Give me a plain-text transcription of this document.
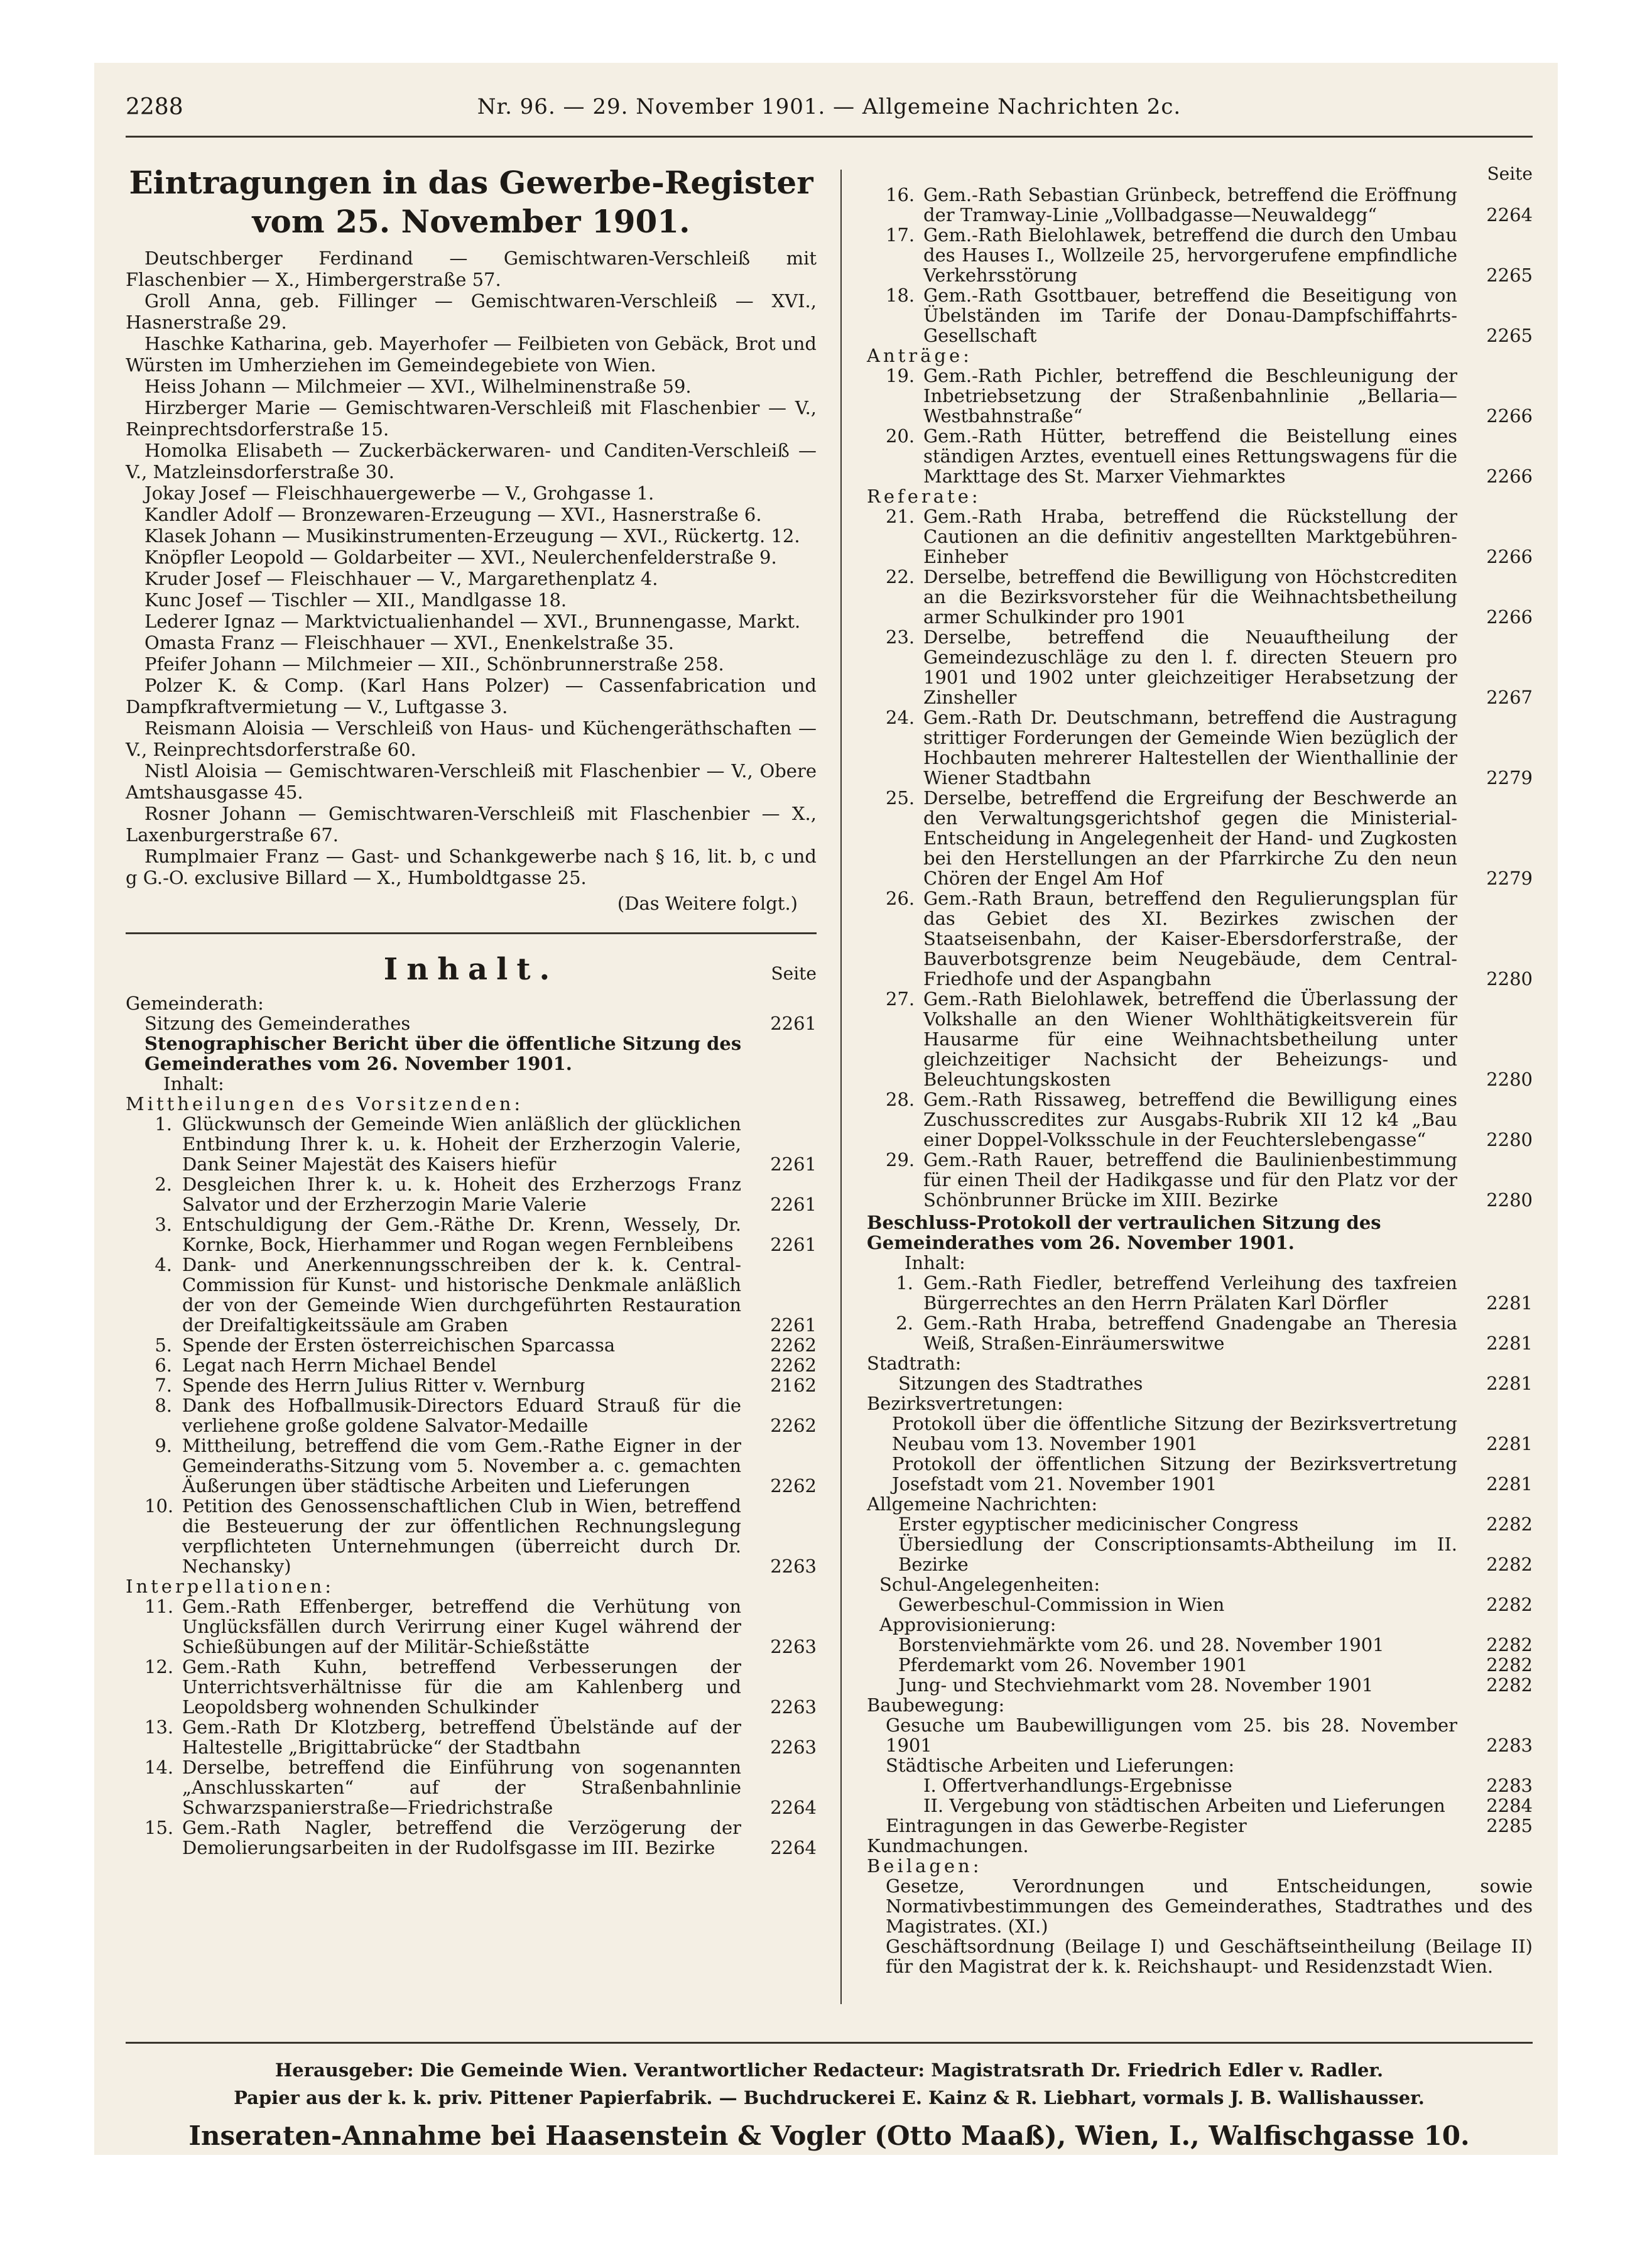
2288	Nr. 96. — 29. November 1901. — Allgemeine Nachrichten 2c.
Eintragungen in das Gewerbe-Register
vom 25. November 1901.

Deutschberger Ferdinand — Gemischtwaren-Verschleiß mit Flaschenbier — X., Himbergerstraße 57.

Groll Anna, geb. Fillinger — Gemischtwaren-Verschleiß — XVI., Hasnerstraße 29.

Haschke Katharina, geb. Mayerhofer — Feilbieten von Gebäck, Brot und Würsten im Umherziehen im Gemeindegebiete von Wien.

Heiss Johann — Milchmeier — XVI., Wilhelminenstraße 59.

Hirzberger Marie — Gemischtwaren-Verschleiß mit Flaschenbier — V., Reinprechtsdorferstraße 15.

Homolka Elisabeth — Zuckerbäckerwaren- und Canditen-Verschleiß — V., Matzleinsdorferstraße 30.

Jokay Josef — Fleischhauergewerbe — V., Grohgasse 1.

Kandler Adolf — Bronzewaren-Erzeugung — XVI., Hasnerstraße 6.

Klasek Johann — Musikinstrumenten-Erzeugung — XVI., Rückertg. 12.

Knöpfler Leopold — Goldarbeiter — XVI., Neulerchenfelderstraße 9.

Kruder Josef — Fleischhauer — V., Margarethenplatz 4.

Kunc Josef — Tischler — XII., Mandlgasse 18.

Lederer Ignaz — Marktvictualienhandel — XVI., Brunnengasse, Markt.

Omasta Franz — Fleischhauer — XVI., Enenkelstraße 35.

Pfeifer Johann — Milchmeier — XII., Schönbrunnerstraße 258.

Polzer K. & Comp. (Karl Hans Polzer) — Cassenfabrication und Dampfkraftvermietung — V., Luftgasse 3.

Reismann Aloisia — Verschleiß von Haus- und Küchengeräthschaften — V., Reinprechtsdorferstraße 60.

Nistl Aloisia — Gemischtwaren-Verschleiß mit Flaschenbier — V., Obere Amtshausgasse 45.

Rosner Johann — Gemischtwaren-Verschleiß mit Flaschenbier — X., Laxenburgerstraße 67.

Rumplmaier Franz — Gast- und Schankgewerbe nach § 16, lit. b, c und g G.-O. exclusive Billard — X., Humboldtgasse 25.

(Das Weitere folgt.)

Inhalt.	Seite

Gemeinderath:

Sitzung des Gemeinderathes	2261

Stenographischer Bericht über die öffentliche Sitzung des Gemeinderathes vom 26. November 1901.

Inhalt:

Mittheilungen des Vorsitzenden:

1. Glückwunsch der Gemeinde Wien anläßlich der glücklichen Entbindung Ihrer k. u. k. Hoheit der Erzherzogin Valerie, Dank Seiner Majestät des Kaisers hiefür	2261
2. Desgleichen Ihrer k. u. k. Hoheit des Erzherzogs Franz Salvator und der Erzherzogin Marie Valerie	2261
3. Entschuldigung der Gem.-Räthe Dr. Krenn, Wessely, Dr. Kornke, Bock, Hierhammer und Rogan wegen Fernbleibens	2261
4. Dank- und Anerkennungsschreiben der k. k. Central-Commission für Kunst- und historische Denkmale anläßlich der von der Gemeinde Wien durchgeführten Restauration der Dreifaltigkeitssäule am Graben	2261
5. Spende der Ersten österreichischen Sparcassa	2262
6. Legat nach Herrn Michael Bendel	2262
7. Spende des Herrn Julius Ritter v. Wernburg	2162
8. Dank des Hofballmusik-Directors Eduard Strauß für die verliehene große goldene Salvator-Medaille	2262
9. Mittheilung, betreffend die vom Gem.-Rathe Eigner in der Gemeinderaths-Sitzung vom 5. November a. c. gemachten Äußerungen über städtische Arbeiten und Lieferungen	2262
10. Petition des Genossenschaftlichen Club in Wien, betreffend die Besteuerung der zur öffentlichen Rechnungslegung verpflichteten Unternehmungen (überreicht durch Dr. Nechansky)	2263

Interpellationen:

11. Gem.-Rath Effenberger, betreffend die Verhütung von Unglücksfällen durch Verirrung einer Kugel während der Schießübungen auf der Militär-Schießstätte	2263
12. Gem.-Rath Kuhn, betreffend Verbesserungen der Unterrichtsverhältnisse für die am Kahlenberg und Leopoldsberg wohnenden Schulkinder	2263
13. Gem.-Rath Dr Klotzberg, betreffend Übelstände auf der Haltestelle „Brigittabrücke“ der Stadtbahn	2263
14. Derselbe, betreffend die Einführung von sogenannten „Anschlusskarten“ auf der Straßenbahnlinie Schwarzspanierstraße—Friedrichstraße	2264
15. Gem.-Rath Nagler, betreffend die Verzögerung der Demolierungsarbeiten in der Rudolfsgasse im III. Bezirke	2264

Seite

16. Gem.-Rath Sebastian Grünbeck, betreffend die Eröffnung der Tramway-Linie „Vollbadgasse—Neuwaldegg“	2264
17. Gem.-Rath Bielohlawek, betreffend die durch den Umbau des Hauses I., Wollzeile 25, hervorgerufene empfindliche Verkehrsstörung	2265
18. Gem.-Rath Gsottbauer, betreffend die Beseitigung von Übelständen im Tarife der Donau-Dampfschiffahrts-Gesellschaft	2265

Anträge:

19. Gem.-Rath Pichler, betreffend die Beschleunigung der Inbetriebsetzung der Straßenbahnlinie „Bellaria—Westbahnstraße“	2266
20. Gem.-Rath Hütter, betreffend die Beistellung eines ständigen Arztes, eventuell eines Rettungswagens für die Markttage des St. Marxer Viehmarktes	2266

Referate:

21. Gem.-Rath Hraba, betreffend die Rückstellung der Cautionen an die definitiv angestellten Marktgebühren-Einheber	2266
22. Derselbe, betreffend die Bewilligung von Höchstcrediten an die Bezirksvorsteher für die Weihnachtsbetheilung armer Schulkinder pro 1901	2266
23. Derselbe, betreffend die Neuauftheilung der Gemeindezuschläge zu den l. f. directen Steuern pro 1901 und 1902 unter gleichzeitiger Herabsetzung der Zinsheller	2267
24. Gem.-Rath Dr. Deutschmann, betreffend die Austragung strittiger Forderungen der Gemeinde Wien bezüglich der Hochbauten mehrerer Haltestellen der Wienthallinie der Wiener Stadtbahn	2279
25. Derselbe, betreffend die Ergreifung der Beschwerde an den Verwaltungsgerichtshof gegen die Ministerial-Entscheidung in Angelegenheit der Hand- und Zugkosten bei den Herstellungen an der Pfarrkirche Zu den neun Chören der Engel Am Hof	2279
26. Gem.-Rath Braun, betreffend den Regulierungsplan für das Gebiet des XI. Bezirkes zwischen der Staatseisenbahn, der Kaiser-Ebersdorferstraße, der Bauverbotsgrenze beim Neugebäude, dem Central-Friedhofe und der Aspangbahn	2280
27. Gem.-Rath Bielohlawek, betreffend die Überlassung der Volkshalle an den Wiener Wohlthätigkeitsverein für Hausarme für eine Weihnachtsbetheilung unter gleichzeitiger Nachsicht der Beheizungs- und Beleuchtungskosten	2280
28. Gem.-Rath Rissaweg, betreffend die Bewilligung eines Zuschusscredites zur Ausgabs-Rubrik XII 12 k4 „Bau einer Doppel-Volksschule in der Feuchterslebengasse“	2280
29. Gem.-Rath Rauer, betreffend die Baulinienbestimmung für einen Theil der Hadikgasse und für den Platz vor der Schönbrunner Brücke im XIII. Bezirke	2280

Beschluss-Protokoll der vertraulichen Sitzung des Gemeinderathes vom 26. November 1901.

Inhalt:

1. Gem.-Rath Fiedler, betreffend Verleihung des taxfreien Bürgerrechtes an den Herrn Prälaten Karl Dörfler	2281
2. Gem.-Rath Hraba, betreffend Gnadengabe an Theresia Weiß, Straßen-Einräumerswitwe	2281

Stadtrath:

Sitzungen des Stadtrathes	2281

Bezirksvertretungen:

Protokoll über die öffentliche Sitzung der Bezirksvertretung Neubau vom 13. November 1901	2281
Protokoll der öffentlichen Sitzung der Bezirksvertretung Josefstadt vom 21. November 1901	2281

Allgemeine Nachrichten:

Erster egyptischer medicinischer Congress	2282
Übersiedlung der Conscriptionsamts-Abtheilung im II. Bezirke	2282

Schul-Angelegenheiten:

Gewerbeschul-Commission in Wien	2282

Approvisionierung:

Borstenviehmärkte vom 26. und 28. November 1901	2282
Pferdemarkt vom 26. November 1901	2282
Jung- und Stechviehmarkt vom 28. November 1901	2282

Baubewegung:

Gesuche um Baubewilligungen vom 25. bis 28. November 1901	2283

Städtische Arbeiten und Lieferungen:

I. Offertverhandlungs-Ergebnisse	2283
II. Vergebung von städtischen Arbeiten und Lieferungen	2284
Eintragungen in das Gewerbe-Register	2285

Kundmachungen.

Beilagen:

Gesetze, Verordnungen und Entscheidungen, sowie Normativbestimmungen des Gemeinderathes, Stadtrathes und des Magistrates. (XI.)

Geschäftsordnung (Beilage I) und Geschäftseintheilung (Beilage II) für den Magistrat der k. k. Reichshaupt- und Residenzstadt Wien.

Herausgeber: Die Gemeinde Wien. Verantwortlicher Redacteur: Magistratsrath Dr. Friedrich Edler v. Radler.
Papier aus der k. k. priv. Pittener Papierfabrik. — Buchdruckerei E. Kainz & R. Liebhart, vormals J. B. Wallishausser.
Inseraten-Annahme bei Haasenstein & Vogler (Otto Maaß), Wien, I., Walfischgasse 10.
